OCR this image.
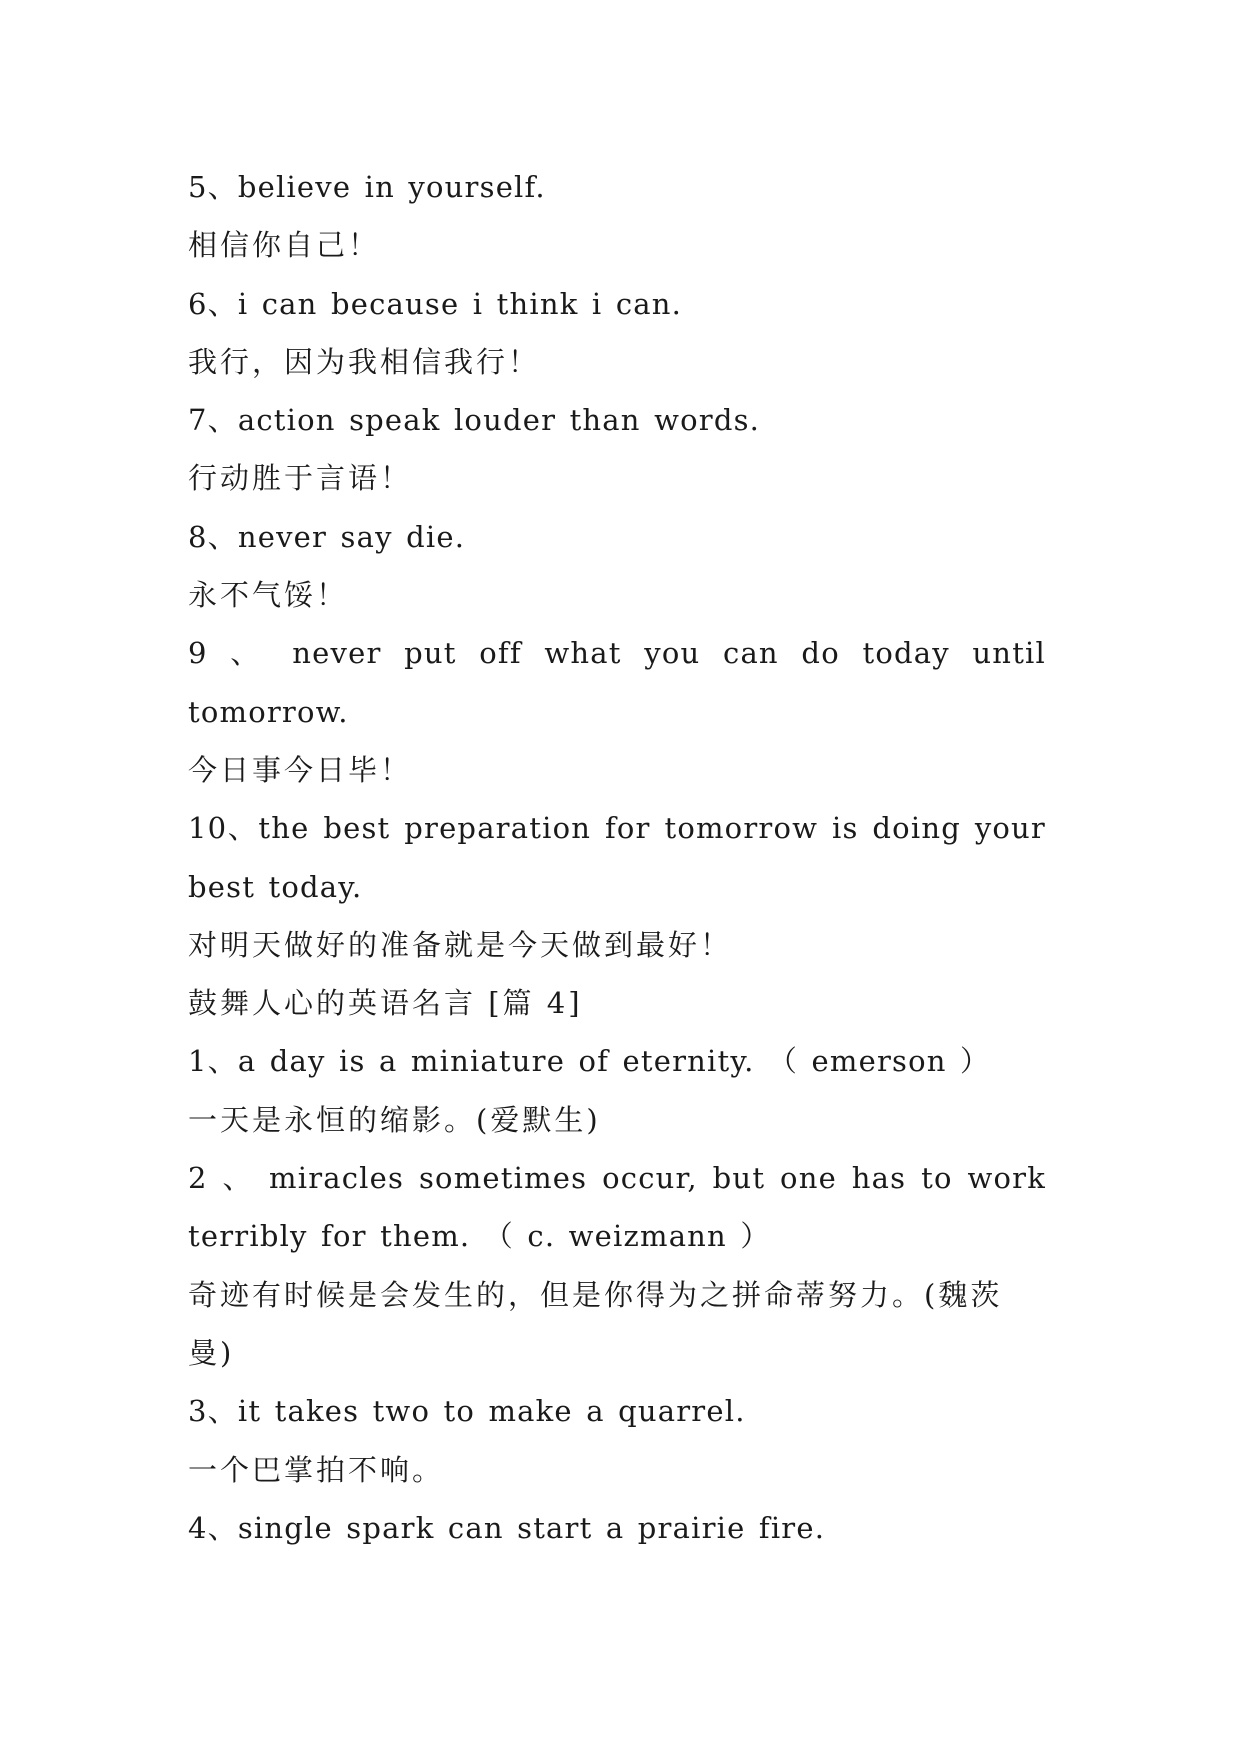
5、believe in yourself.
相信你自己！
6、i can because i think i can.
我行，因为我相信我行！
7、action speak louder than words.
行动胜于言语！
8、never say die.
永不气馁！
9 、 never put off what you can do today until tomorrow.
今日事今日毕！
10、the best preparation for tomorrow is doing your best today.
对明天做好的准备就是今天做到最好！
鼓舞人心的英语名言 [篇 4]
1、a day is a miniature of eternity. （ emerson ）
一天是永恒的缩影。(爱默生)
2 、 miracles sometimes occur, but one has to work terribly for them. （ c. weizmann ）
奇迹有时候是会发生的，但是你得为之拼命蒂努力。(魏茨曼)
3、it takes two to make a quarrel.
一个巴掌拍不响。
4、single spark can start a prairie fire.
